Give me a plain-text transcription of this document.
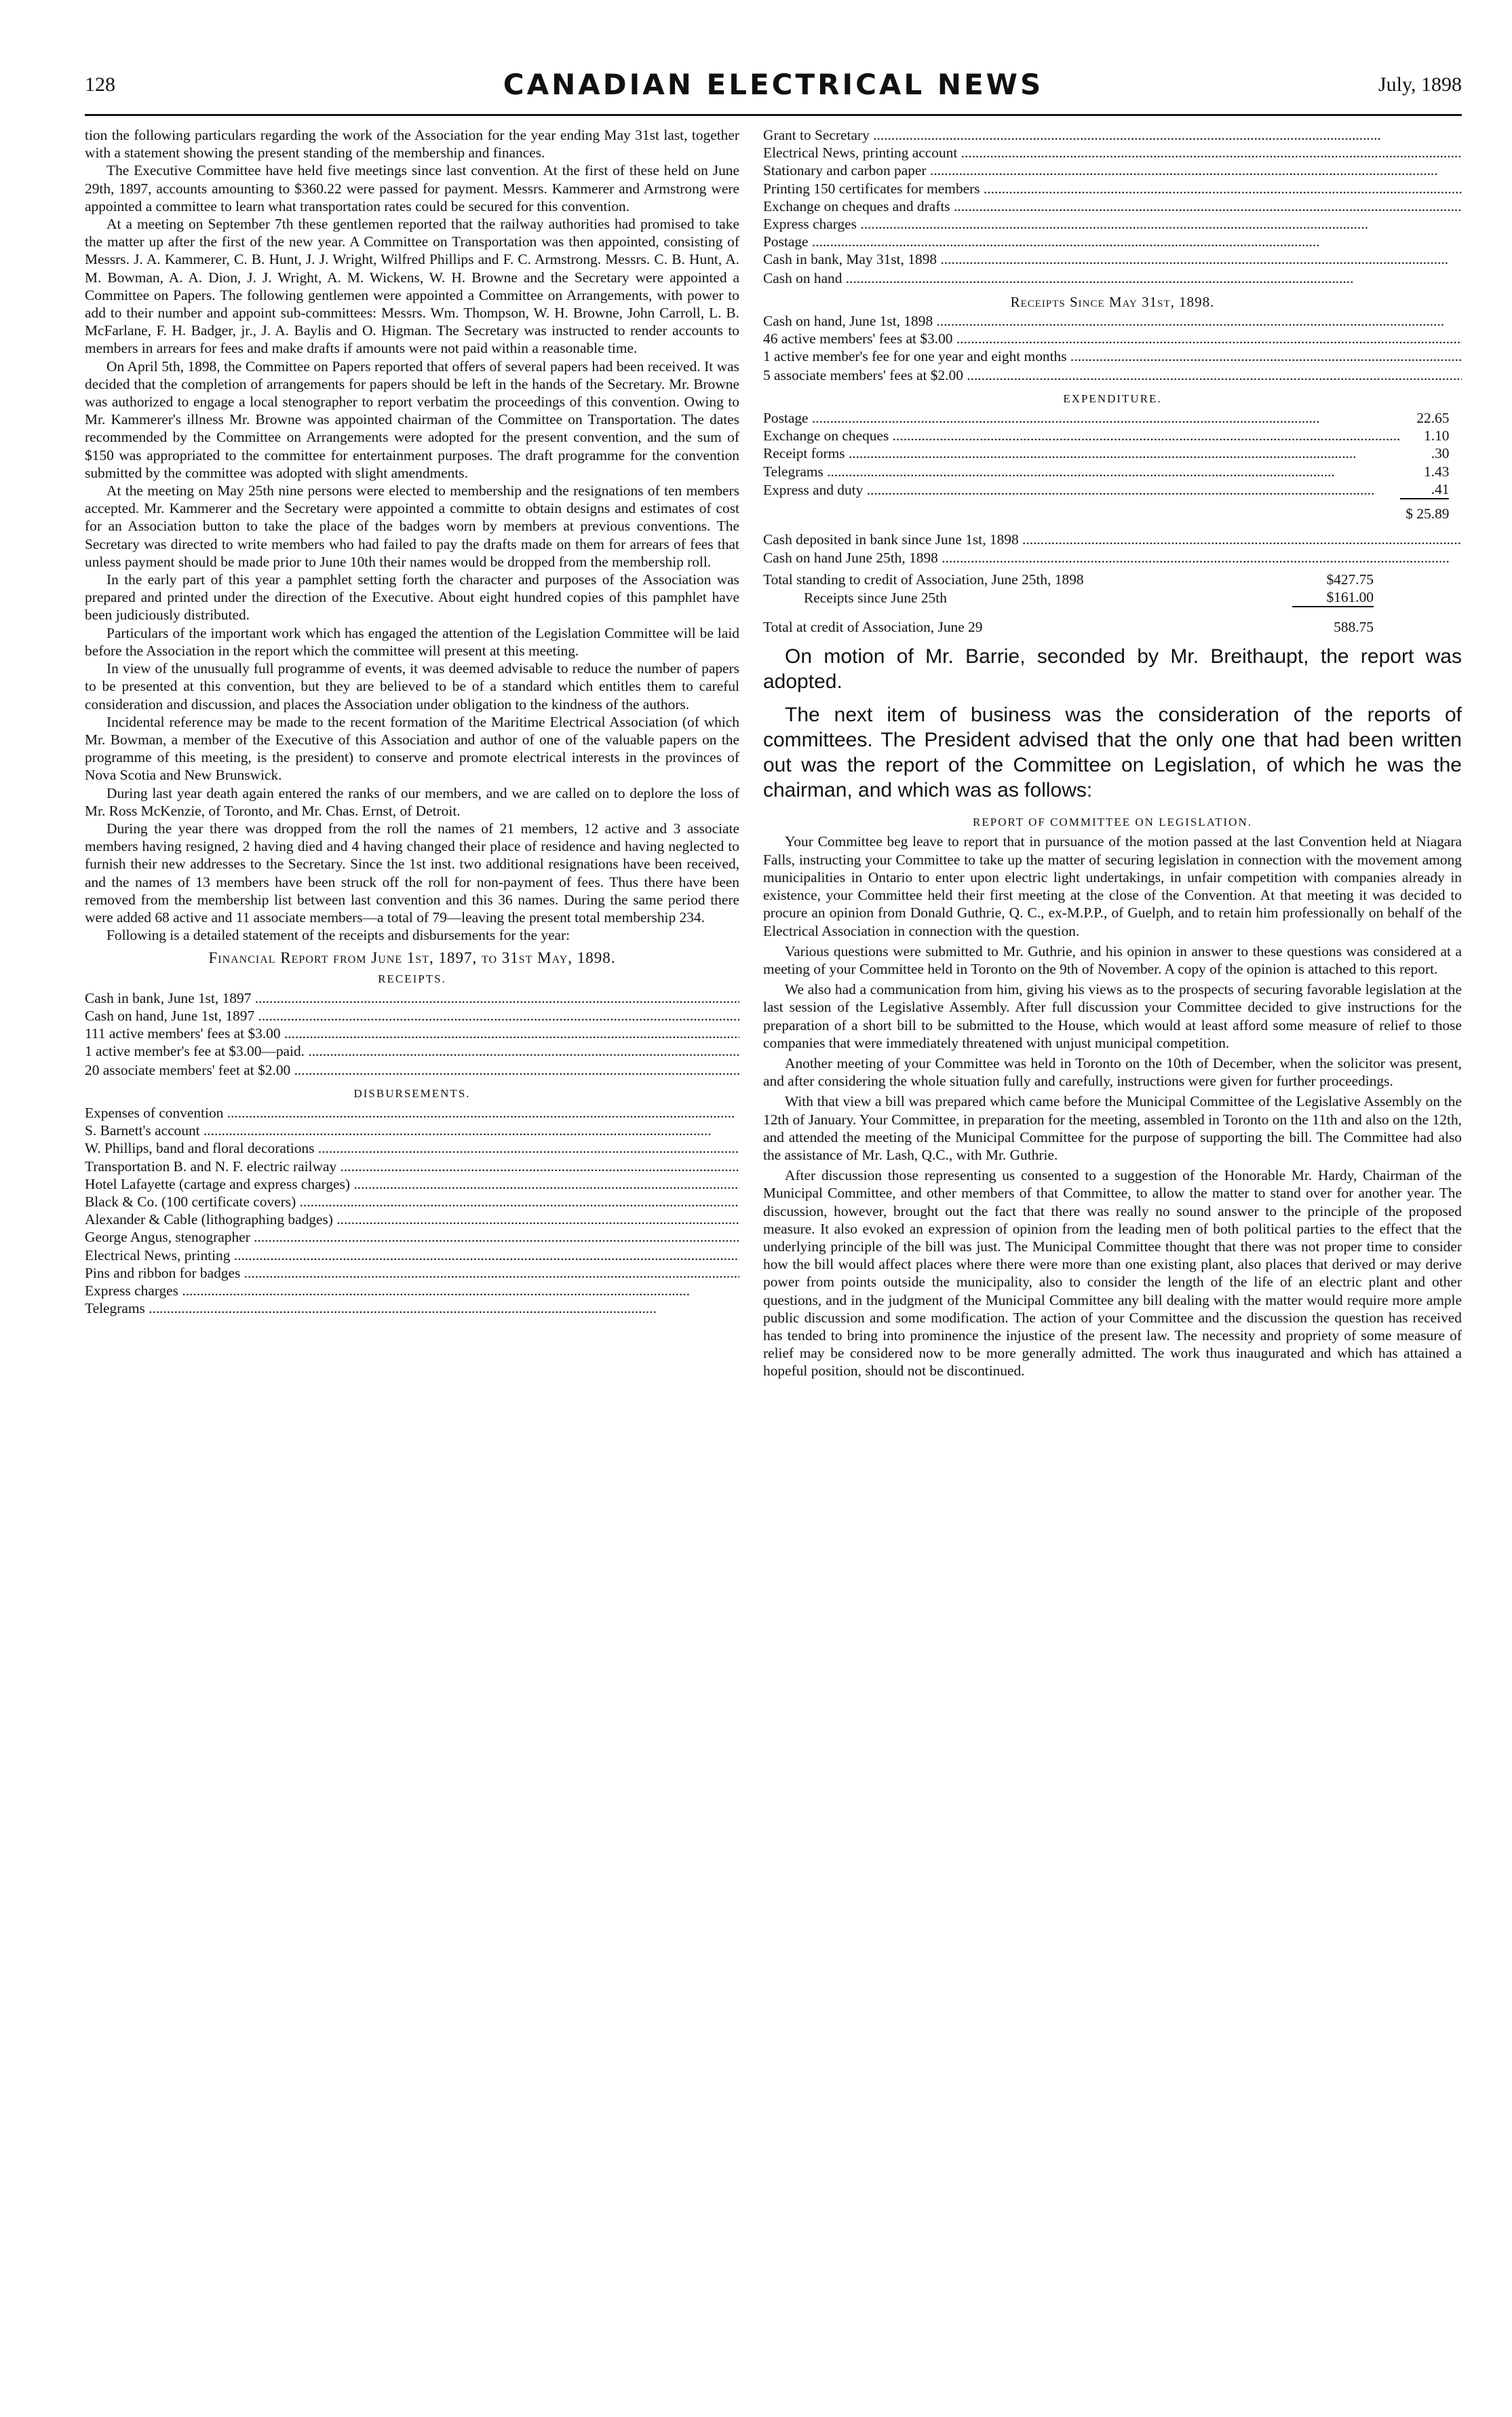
128	CANADIAN ELECTRICAL NEWS	July, 1898

tion the following particulars regarding the work of the Association for the year ending May 31st last, together with a statement showing the present standing of the membership and finances.

The Executive Committee have held five meetings since last convention. At the first of these held on June 29th, 1897, accounts amounting to $360.22 were passed for payment. Messrs. Kammerer and Armstrong were appointed a committee to learn what transportation rates could be secured for this convention.

At a meeting on September 7th these gentlemen reported that the railway authorities had promised to take the matter up after the first of the new year. A Committee on Transportation was then appointed, consisting of Messrs. J. A. Kammerer, C. B. Hunt, J. J. Wright, Wilfred Phillips and F. C. Armstrong. Messrs. C. B. Hunt, A. M. Bowman, A. A. Dion, J. J. Wright, A. M. Wickens, W. H. Browne and the Secretary were appointed a Committee on Papers. The following gentlemen were appointed a Committee on Arrangements, with power to add to their number and appoint sub-committees: Messrs. Wm. Thompson, W. H. Browne, John Carroll, L. B. McFarlane, F. H. Badger, jr., J. A. Baylis and O. Higman. The Secretary was instructed to render accounts to members in arrears for fees and make drafts if amounts were not paid within a reasonable time.

On April 5th, 1898, the Committee on Papers reported that offers of several papers had been received. It was decided that the completion of arrangements for papers should be left in the hands of the Secretary. Mr. Browne was authorized to engage a local stenographer to report verbatim the proceedings of this convention. Owing to Mr. Kammerer's illness Mr. Browne was appointed chairman of the Committee on Transportation. The dates recommended by the Committee on Arrangements were adopted for the present convention, and the sum of $150 was appropriated to the committee for entertainment purposes. The draft programme for the convention submitted by the committee was adopted with slight amendments.

At the meeting on May 25th nine persons were elected to membership and the resignations of ten members accepted. Mr. Kammerer and the Secretary were appointed a committe to obtain designs and estimates of cost for an Association button to take the place of the badges worn by members at previous conventions. The Secretary was directed to write members who had failed to pay the drafts made on them for arrears of fees that unless payment should be made prior to June 10th their names would be dropped from the membership roll.

In the early part of this year a pamphlet setting forth the character and purposes of the Association was prepared and printed under the direction of the Executive. About eight hundred copies of this pamphlet have been judiciously distributed.

Particulars of the important work which has engaged the attention of the Legislation Committee will be laid before the Association in the report which the committee will present at this meeting.

In view of the unusually full programme of events, it was deemed advisable to reduce the number of papers to be presented at this convention, but they are believed to be of a standard which entitles them to careful consideration and discussion, and places the Association under obligation to the kindness of the authors.

Incidental reference may be made to the recent formation of the Maritime Electrical Association (of which Mr. Bowman, a member of the Executive of this Association and author of one of the valuable papers on the programme of this meeting, is the president) to conserve and promote electrical interests in the provinces of Nova Scotia and New Brunswick.

During last year death again entered the ranks of our members, and we are called on to deplore the loss of Mr. Ross McKenzie, of Toronto, and Mr. Chas. Ernst, of Detroit.

During the year there was dropped from the roll the names of 21 members, 12 active and 3 associate members having resigned, 2 having died and 4 having changed their place of residence and having neglected to furnish their new addresses to the Secretary. Since the 1st inst. two additional resignations have been received, and the names of 13 members have been struck off the roll for non-payment of fees. Thus there have been removed from the membership list between last convention and this 36 names. During the same period there were added 68 active and 11 associate members—a total of 79—leaving the present total membership 234.

Following is a detailed statement of the receipts and disbursements for the year:

Financial Report from June 1st, 1897, to 31st May, 1898.

RECEIPTS.
Cash in bank, June 1st, 1897 .....		
Cash on hand, June 1st, 1897 .....		
111 active members' fees at $3.00 .....		
1 active member's fee at $3.00—paid. .....		
20 associate members' feet at $2.00 .....		
DISBURSEMENTS.
Expenses of convention .....		
S. Barnett's account .....		
W. Phillips, band and floral decorations .....		
Transportation B. and N. F. electric railway .....		
Hotel Lafayette (cartage and express charges) .....		
Black & Co. (100 certificate covers) .....		
Alexander & Cable (lithographing badges) .....		
George Angus, stenographer .....		
Electrical News, printing .....		
Pins and ribbon for badges .....		
Express charges .....		
Telegrams .....		

Grant to Secretary .....		
Electrical News, printing account .....		
Stationary and carbon paper .....		
Printing 150 certificates for members .....		
Exchange on cheques and drafts .....		
Express charges .....		
Postage .....		
Cash in bank, May 31st, 1898 .....		
Cash on hand .....		
Receipts Since May 31st, 1898.
Cash on hand, June 1st, 1898 .....		
46 active members' fees at $3.00 .....		
1 active member's fee for one year and eight months .....		
5 associate members' fees at $2.00 .....		
EXPENDITURE.
Postage .....	22.65	
Exchange on cheques .....	1.10	
Receipt forms .....	.30	
Telegrams .....	1.43	
Express and duty .....	.41	
	$ 25.89	
Cash deposited in bank since June 1st, 1898 .....		
Cash on hand June 25th, 1898 .....		
Total standing to credit of Association, June 25th, 1898	$427.75	
Receipts since June 25th	$161.00	
Total at credit of Association, June 29	588.75	

On motion of Mr. Barrie, seconded by Mr. Breithaupt, the report was adopted.

The next item of business was the consideration of the reports of committees. The President advised that the only one that had been written out was the report of the Committee on Legislation, of which he was the chairman, and which was as follows:

REPORT OF COMMITTEE ON LEGISLATION.

Your Committee beg leave to report that in pursuance of the motion passed at the last Convention held at Niagara Falls, instructing your Committee to take up the matter of securing legislation in connection with the movement among municipalities in Ontario to enter upon electric light undertakings, in unfair competition with companies already in existence, your Committee held their first meeting at the close of the Convention. At that meeting it was decided to procure an opinion from Donald Guthrie, Q. C., ex-M.P.P., of Guelph, and to retain him professionally on behalf of the Electrical Association in connection with the question.

Various questions were submitted to Mr. Guthrie, and his opinion in answer to these questions was considered at a meeting of your Committee held in Toronto on the 9th of November. A copy of the opinion is attached to this report.

We also had a communication from him, giving his views as to the prospects of securing favorable legislation at the last session of the Legislative Assembly. After full discussion your Committee decided to give instructions for the preparation of a short bill to be submitted to the House, which would at least afford some measure of relief to those companies that were immediately threatened with unjust municipal competition.

Another meeting of your Committee was held in Toronto on the 10th of December, when the solicitor was present, and after considering the whole situation fully and carefully, instructions were given for further proceedings.

With that view a bill was prepared which came before the Municipal Committee of the Legislative Assembly on the 12th of January. Your Committee, in preparation for the meeting, assembled in Toronto on the 11th and also on the 12th, and attended the meeting of the Municipal Committee for the purpose of supporting the bill. The Committee had also the assistance of Mr. Lash, Q.C., with Mr. Guthrie.

After discussion those representing us consented to a suggestion of the Honorable Mr. Hardy, Chairman of the Municipal Committee, and other members of that Committee, to allow the matter to stand over for another year. The discussion, however, brought out the fact that there was really no sound answer to the principle of the proposed measure. It also evoked an expression of opinion from the leading men of both political parties to the effect that the underlying principle of the bill was just. The Municipal Committee thought that there was not proper time to consider how the bill would affect places where there were more than one existing plant, also places that derived or may derive power from points outside the municipality, also to consider the length of the life of an electric plant and other questions, and in the judgment of the Municipal Committee any bill dealing with the matter would require more ample public discussion and some modification. The action of your Committee and the discussion the question has received has tended to bring into prominence the injustice of the present law. The necessity and propriety of some measure of relief may be considered now to be more generally admitted. The work thus inaugurated and which has attained a hopeful position, should not be discontinued.
